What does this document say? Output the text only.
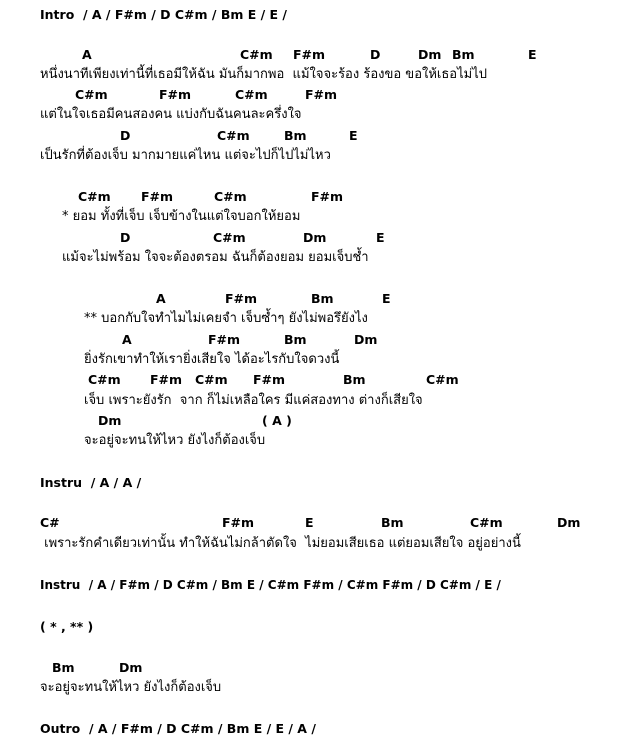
Intro  / A / F#m / D C#m / Bm E / E /
A	C#m F#m	D	Dm Bm	E
หนึ่งนาทีเพียงเท่านี้ที่เธอมีให้ฉัน มันก็มากพอ  แม้ใจจะร้อง ร้องขอ ขอให้เธอไม่ไป
C#m	F#m	C#m	F#m
แต่ในใจเธอมีคนสองคน แบ่งกับฉันคนละครึ่งใจ
D	C#m	Bm	E
เป็นรักที่ต้องเจ็บ มากมายแค่ไหน แต่จะไปก็ไปไม่ไหว
C#m F#m	C#m	F#m
* ยอม ทั้งที่เจ็บ เจ็บข้างในแต่ใจบอกให้ยอม
D	C#m	Dm	E
แม้จะไม่พร้อม ใจจะต้องตรอม ฉันก็ต้องยอม ยอมเจ็บช้ำ
A	F#m	Bm	E
** บอกกับใจทำไมไม่เคยจำ เจ็บซ้ำๆ ยังไม่พอรึยังไง
A	F#m	Bm	Dm
ยิ่งรักเขาทำให้เรายิ่งเสียใจ ได้อะไรกับใจดวงนี้
C#m F#m C#m F#m	Bm	C#m
เจ็บ เพราะยังรัก  จาก ก็ไม่เหลือใคร มีแค่สองทาง ต่างก็เสียใจ
Dm	( A )
จะอยู่จะทนให้ไหว ยังไงก็ต้องเจ็บ
Instru  / A / A /
C#	F#m	E	Bm	C#m	Dm
เพราะรักคำเดียวเท่านั้น ทำให้ฉันไม่กล้าตัดใจ  ไม่ยอมเสียเธอ แต่ยอมเสียใจ อยู่อย่างนี้
Instru  / A / F#m / D C#m / Bm E / C#m F#m / C#m F#m / D C#m / E /
( * , ** )
Bm	Dm
จะอยู่จะทนให้ไหว ยังไงก็ต้องเจ็บ
Outro  / A / F#m / D C#m / Bm E / E / A /
